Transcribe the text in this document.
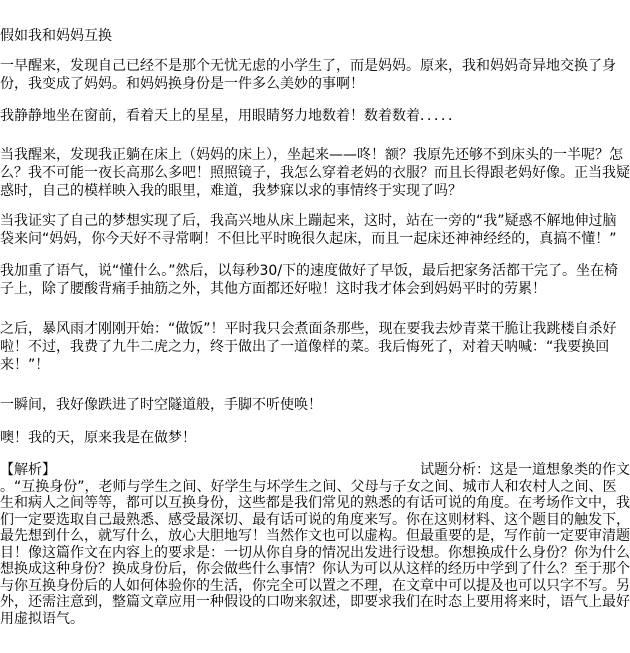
假如我和妈妈互换

一早醒来，发现自己已经不是那个无忧无虑的小学生了，而是妈妈。原来，我和妈妈奇异地交换了身份，我变成了妈妈。和妈妈换身份是一件多么美妙的事啊！

我静静地坐在窗前，看着天上的星星，用眼睛努力地数着！数着数着．．．．．

当我醒来，发现我正躺在床上（妈妈的床上），坐起来——咚！额？我原先还够不到床头的一半呢？怎么？我不可能一夜长高那么多吧！照照镜子，我怎么穿着老妈的衣服？而且长得跟老妈好像。正当我疑惑时，自己的模样映入我的眼里，难道，我梦寐以求的事情终于实现了吗？

当我证实了自己的梦想实现了后，我高兴地从床上蹦起来，这时，站在一旁的“我”疑惑不解地伸过脑袋来问“妈妈，你今天好不寻常啊！不但比平时晚很久起床，而且一起床还神神经经的，真搞不懂！”

我加重了语气，说“懂什么。”然后，以每秒30/下的速度做好了早饭，最后把家务活都干完了。坐在椅子上，除了腰酸背痛手抽筋之外，其他方面都还好啦！这时我才体会到妈妈平时的劳累！

之后，暴风雨才刚刚开始：“做饭”！平时我只会煮面条那些，现在要我去炒青菜干脆让我跳楼自杀好啦！不过，我费了九牛二虎之力，终于做出了一道像样的菜。我后悔死了，对着天呐喊：“我要换回来！”！

一瞬间，我好像跌进了时空隧道般，手脚不听使唤！

噢！我的天，原来我是在做梦！

【解析】	试题分析：这是一道想象类的作文
。“互换身份”，老师与学生之间、好学生与坏学生之间、父母与子女之间、城市人和农村人之间、医生和病人之间等等，都可以互换身份，这些都是我们常见的熟悉的有话可说的角度。在考场作文中，我们一定要选取自己最熟悉、感受最深切、最有话可说的角度来写。你在这则材料、这个题目的触发下，最先想到什么，就写什么，放心大胆地写！当然作文也可以虚构。但最重要的是，写作前一定要审清题目！像这篇作文在内容上的要求是：一切从你自身的情况出发进行设想。你想换成什么身份？你为什么想换成这种身份？换成身份后，你会做些什么事情？你认为可以从这样的经历中学到了什么？至于那个与你互换身份后的人如何体验你的生活，你完全可以置之不理，在文章中可以提及也可以只字不写。另外，还需注意到，整篇文章应用一种假设的口吻来叙述，即要求我们在时态上要用将来时，语气上最好用虚拟语气。
